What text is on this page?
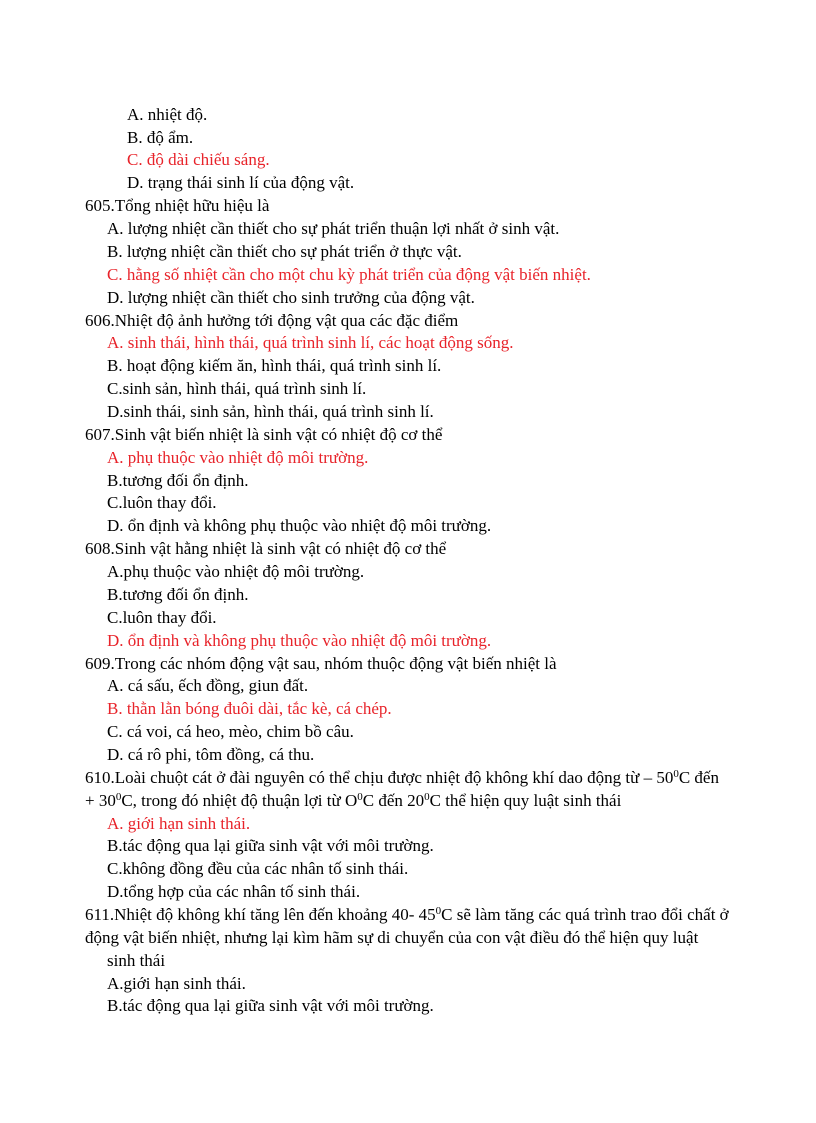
A. nhiệt độ.
B. độ ẩm.
C. độ dài chiếu sáng.
D. trạng thái sinh lí của động vật.
605.Tổng nhiệt hữu hiệu là
A. lượng nhiệt cần thiết cho sự phát triển thuận lợi nhất ở sinh vật.
B. lượng nhiệt cần thiết cho sự phát triển ở thực vật.
C. hằng số nhiệt cần cho một chu kỳ phát triển của động vật biến nhiệt.
D. lượng nhiệt cần thiết cho sinh trưởng của động vật.
606.Nhiệt độ ảnh hưởng tới động vật qua các đặc điểm
A. sinh thái, hình thái, quá trình sinh lí, các hoạt động sống.
B. hoạt động kiếm ăn, hình thái, quá trình sinh lí.
C.sinh sản, hình thái, quá trình sinh lí.
D.sinh thái, sinh sản, hình thái, quá trình sinh lí.
607.Sinh vật biến nhiệt là sinh vật có nhiệt độ cơ thể
A. phụ thuộc vào nhiệt độ môi trường.
B.tương đối ổn định.
C.luôn thay đổi.
D. ổn định và không phụ thuộc vào nhiệt độ môi trường.
608.Sinh vật hằng nhiệt là sinh vật có nhiệt độ cơ thể
A.phụ thuộc vào nhiệt độ môi trường.
B.tương đối ổn định.
C.luôn thay đổi.
D. ổn định và không phụ thuộc vào nhiệt độ môi trường.
609.Trong các nhóm động vật sau, nhóm thuộc động vật biến nhiệt là
A. cá sấu, ếch đồng, giun đất.
B. thằn lằn bóng đuôi dài, tắc kè, cá chép.
C. cá voi, cá heo, mèo, chim bồ câu.
D. cá rô phi, tôm đồng, cá thu.
610.Loài chuột cát ở đài nguyên có thể chịu được nhiệt độ không khí dao động từ – $50^0C$ đến
+ $30^0C$, trong đó nhiệt độ thuận lợi từ $O^0C$ đến $20^0C$ thể hiện quy luật sinh thái
A. giới hạn sinh thái.
B.tác động qua lại giữa sinh vật với môi trường.
C.không đồng đều của các nhân tố sinh thái.
D.tổng hợp của các nhân tố sinh thái.
611.Nhiệt độ không khí tăng lên đến khoảng 40- $45^0C$ sẽ làm tăng các quá trình trao đổi chất ở
động vật biến nhiệt, nhưng lại kìm hãm sự di chuyển của con vật điều đó thể hiện quy luật
sinh thái
A.giới hạn sinh thái.
B.tác động qua lại giữa sinh vật với môi trường.
